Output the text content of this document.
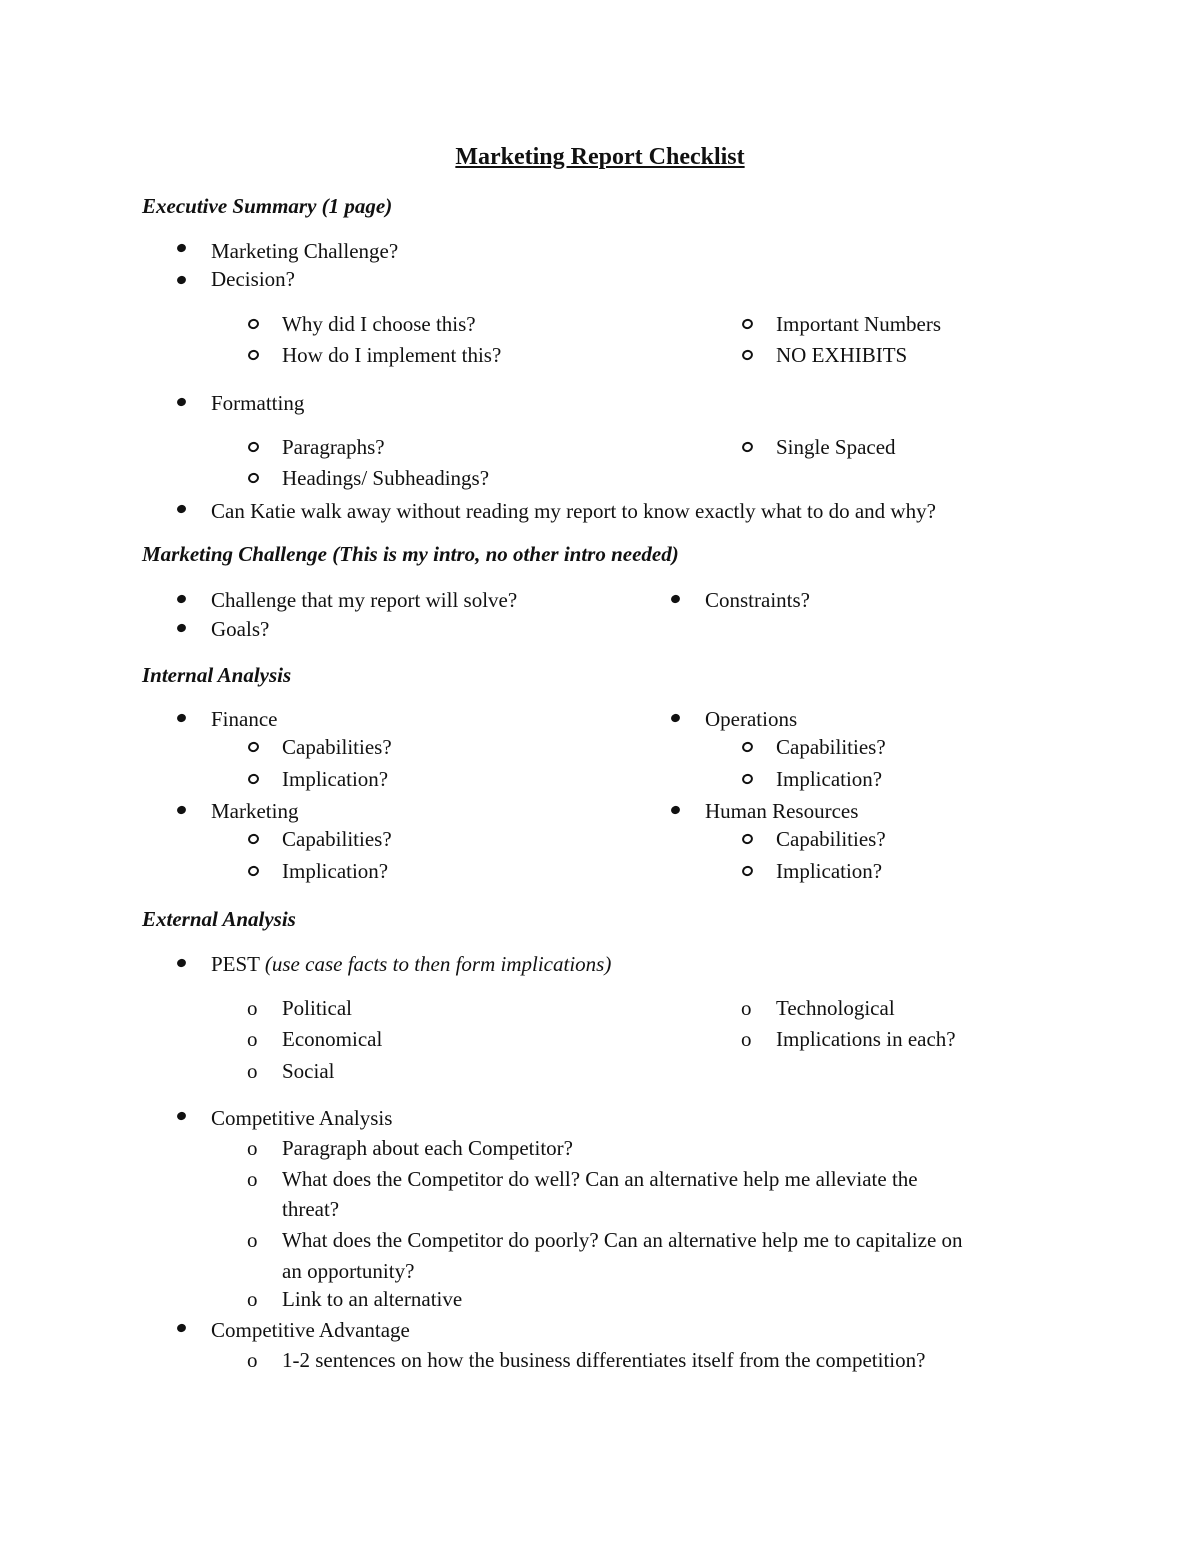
Marketing Report Checklist
Executive Summary (1 page)
Marketing Challenge?
Decision?
Why did I choose this?
How do I implement this?
Important Numbers
NO EXHIBITS
Formatting
Paragraphs?
Headings/ Subheadings?
Single Spaced
Can Katie walk away without reading my report to know exactly what to do and why?
Marketing Challenge (This is my intro, no other intro needed)
Challenge that my report will solve?
Goals?
Constraints?
Internal Analysis
Finance
Capabilities?
Implication?
Marketing
Capabilities?
Implication?
Operations
Capabilities?
Implication?
Human Resources
Capabilities?
Implication?
External Analysis
PEST (use case facts to then form implications)
o Political
o Economical
o Social
o Technological
o Implications in each?
Competitive Analysis
o Paragraph about each Competitor?
o What does the Competitor do well? Can an alternative help me alleviate the
threat?
o What does the Competitor do poorly? Can an alternative help me to capitalize on
an opportunity?
o Link to an alternative
Competitive Advantage
o 1-2 sentences on how the business differentiates itself from the competition?
